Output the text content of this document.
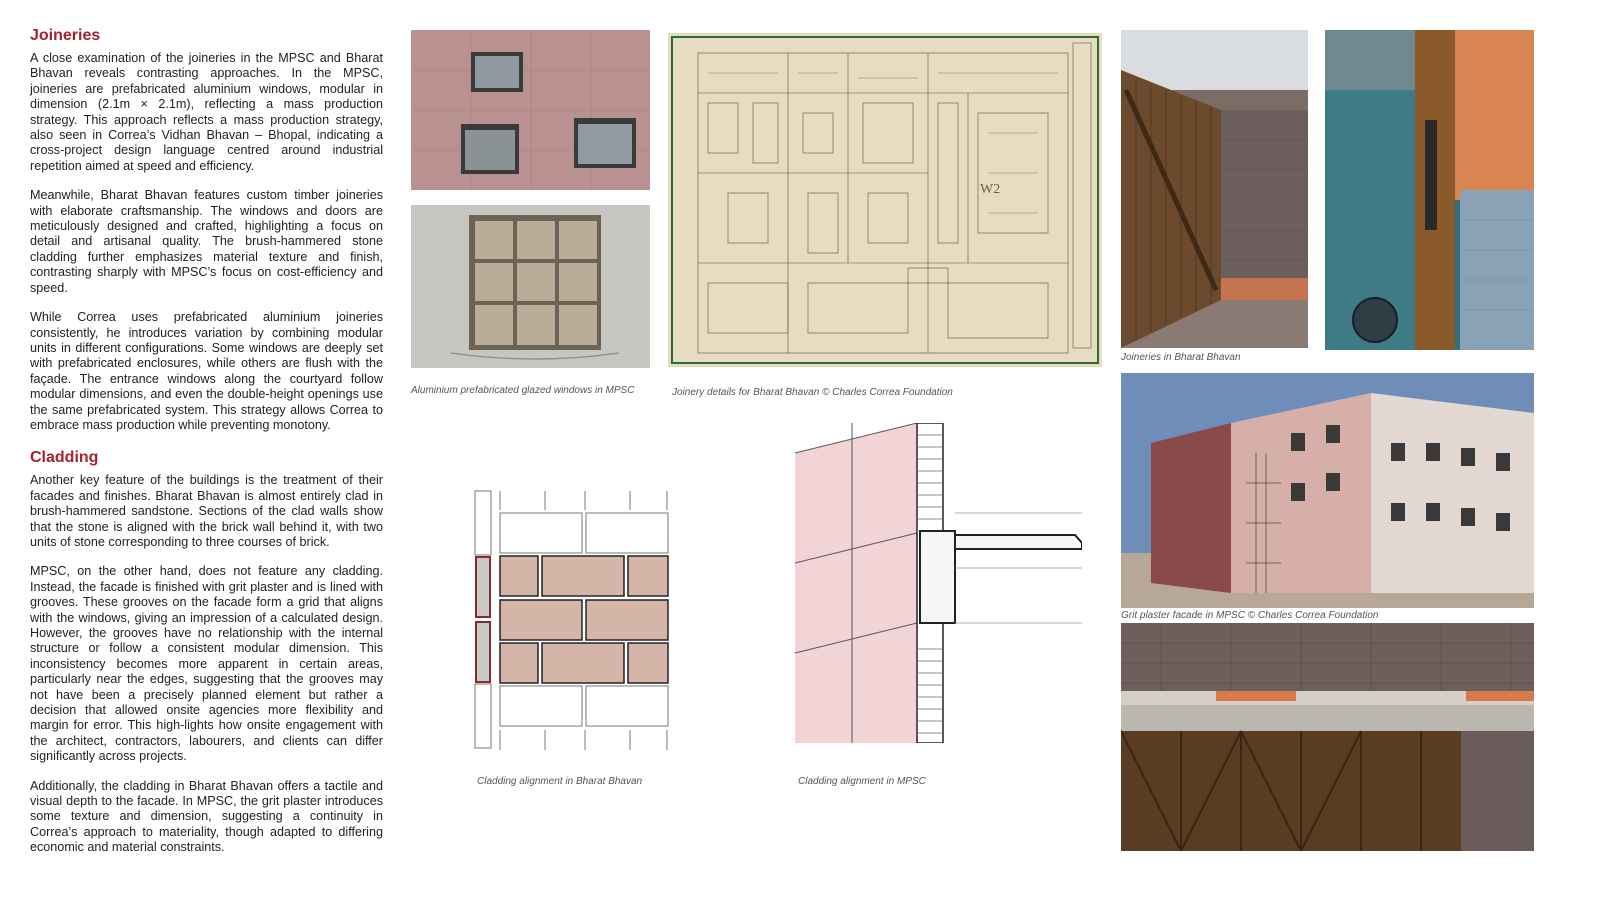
Joineries

A close examination of the joineries in the MPSC and Bharat Bhavan reveals contrasting approaches. In the MPSC, joineries are prefabricated aluminium windows, modular in dimension (2.1m × 2.1m), reflecting a mass production strategy. This approach reflects a mass production strategy, also seen in Correa’s Vidhan Bhavan – Bhopal, indicating a cross-project design language centred around industrial repetition aimed at speed and efficiency.

Meanwhile, Bharat Bhavan features custom timber joineries with elaborate craftsmanship. The windows and doors are meticulously designed and crafted, highlighting a focus on detail and artisanal quality. The brush-hammered stone cladding further emphasizes material texture and finish, contrasting sharply with MPSC’s focus on cost-efficiency and speed.

While Correa uses prefabricated aluminium joineries consistently, he introduces variation by combining modular units in different configurations. Some windows are deeply set with prefabricated enclosures, while others are flush with the façade. The entrance windows along the courtyard follow modular dimensions, and even the double-height openings use the same prefabricated system. This strategy allows Correa to embrace mass production while preventing monotony.

Cladding

Another key feature of the buildings is the treatment of their facades and finishes. Bharat Bhavan is almost entirely clad in brush-hammered sandstone. Sections of the clad walls show that the stone is aligned with the brick wall behind it, with two units of stone corresponding to three courses of brick.

MPSC, on the other hand, does not feature any cladding. Instead, the facade is finished with grit plaster and is lined with grooves. These grooves on the facade form a grid that aligns with the windows, giving an impression of a calculated design. However, the grooves have no relationship with the internal structure or follow a consistent modular dimension. This inconsistency becomes more apparent in certain areas, particularly near the edges, suggesting that the grooves may not have been a precisely planned element but rather a decision that allowed onsite agencies more flexibility and margin for error. This high-lights how onsite engagement with the architect, contractors, labourers, and clients can differ significantly across projects.

Additionally, the cladding in Bharat Bhavan offers a tactile and visual depth to the facade. In MPSC, the grit plaster introduces some texture and dimension, suggesting a continuity in Correa’s approach to materiality, though adapted to differing economic and material constraints.

Aluminium prefabricated glazed windows in MPSC
W2
Joinery details for Bharat Bhavan © Charles Correa Foundation
Joineries in Bharat Bhavan
Grit plaster facade in MPSC © Charles Correa Foundation
Cladding alignment in Bharat Bhavan	Cladding alignment in MPSC
